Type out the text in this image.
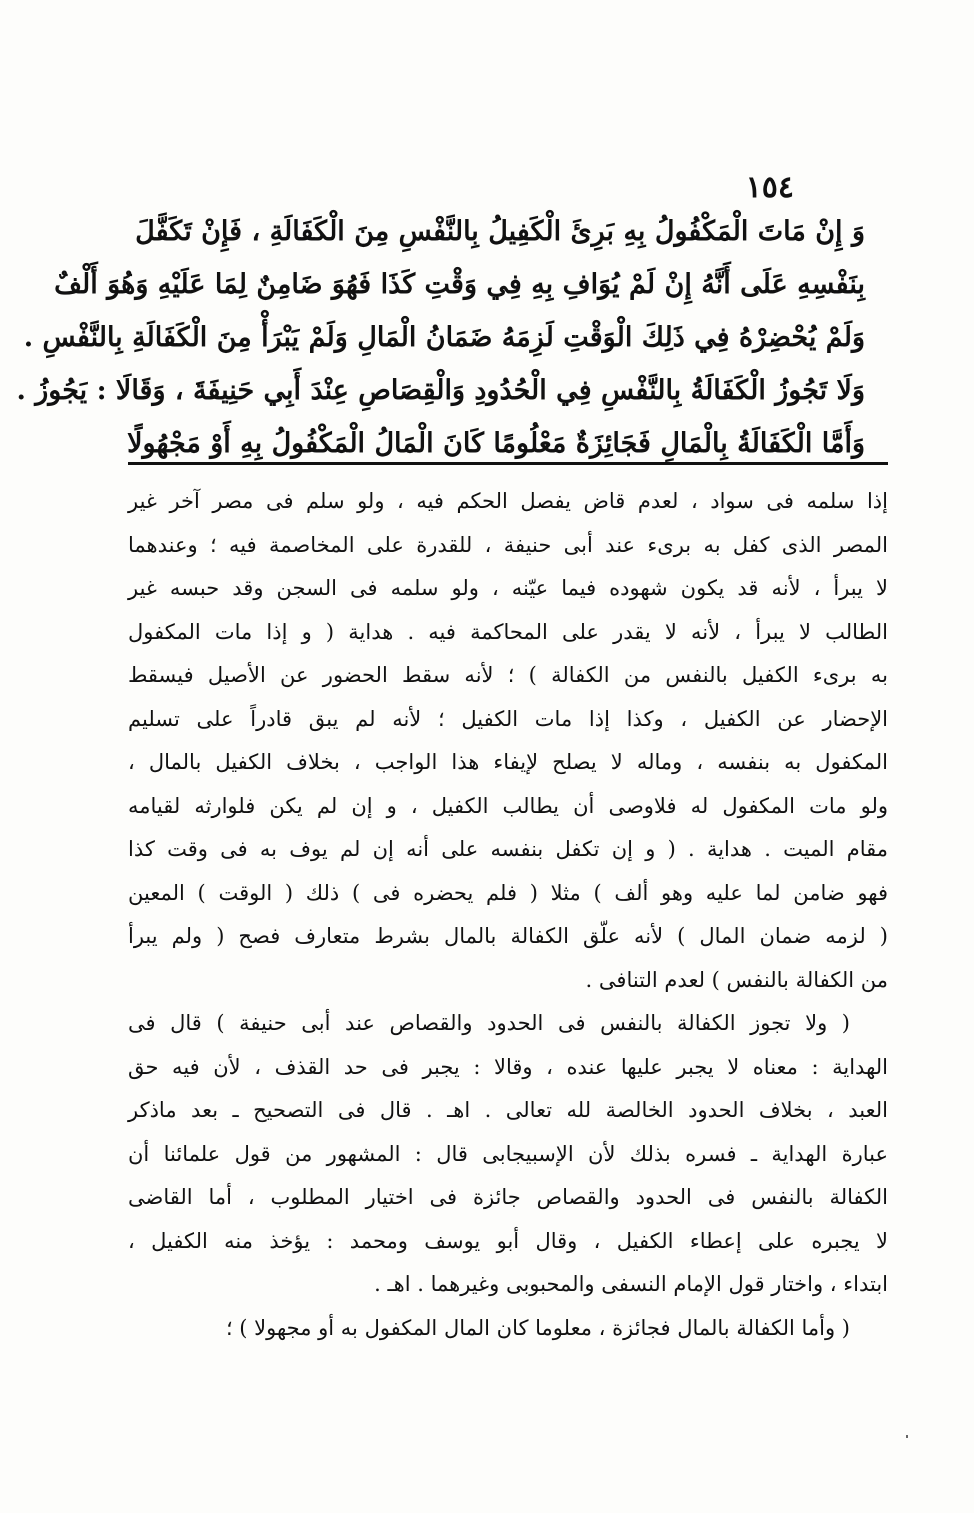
١٥٤

وَ إِنْ مَاتَ الْمَكْفُولُ بِهِ بَرِئَ الْكَفِيلُ بِالنَّفْسِ مِنَ الْكَفَالَةِ ، فَإِنْ تَكَفَّلَ

بِنَفْسِهِ عَلَى أَنَّهُ إِنْ لَمْ يُوَافِ بِهِ فِي وَقْتِ كَذَا فَهُوَ ضَامِنٌ لِمَا عَلَيْهِ وَهُوَ أَلْفٌ

وَلَمْ يُحْضِرْهُ فِي ذَلِكَ الْوَقْتِ لَزِمَهُ ضَمَانُ الْمَالِ وَلَمْ يَبْرَأْ مِنَ الْكَفَالَةِ بِالنَّفْسِ .

وَلَا تَجُوزُ الْكَفَالَةُ بِالنَّفْسِ فِي الْحُدُودِ وَالْقِصَاصِ عِنْدَ أَبِي حَنِيفَةَ ، وَقَالَا : يَجُوزُ .

وَأَمَّا الْكَفَالَةُ بِالْمَالِ فَجَائِزَةٌ مَعْلُومًا كَانَ الْمَالُ الْمَكْفُولُ بِهِ أَوْ مَجْهُولًا

إذا سلمه فى سواد ، لعدم قاض يفصل الحكم فيه ، ولو سلم فى مصر آخر غير

المصر الذى كفل به برىء عند أبى حنيفة ، للقدرة على المخاصمة فيه ؛ وعندهما

لا يبرأ ، لأنه قد يكون شهوده فيما عيّنه ، ولو سلمه فى السجن وقد حبسه غير

الطالب لا يبرأ ، لأنه لا يقدر على المحاكمة فيه . هداية ( و إذا مات المكفول

به برىء الكفيل بالنفس من الكفالة ) ؛ لأنه سقط الحضور عن الأصيل فيسقط

الإحضار عن الكفيل ، وكذا إذا مات الكفيل ؛ لأنه لم يبق قادراً على تسليم

المكفول به بنفسه ، وماله لا يصلح لإيفاء هذا الواجب ، بخلاف الكفيل بالمال ،

ولو مات المكفول له فلاوصى أن يطالب الكفيل ، و إن لم يكن فلوارثه لقيامه

مقام الميت . هداية . ( و إن تكفل بنفسه على أنه إن لم يوف به فى وقت كذا

فهو ضامن لما عليه وهو ألف ) مثلا ( فلم يحضره فى ) ذلك ( الوقت ) المعين

( لزمه ضمان المال ) لأنه علّق الكفالة بالمال بشرط متعارف فصح ( ولم يبرأ

من الكفالة بالنفس ) لعدم التنافى .

( ولا تجوز الكفالة بالنفس فى الحدود والقصاص عند أبى حنيفة ) قال فى

الهداية : معناه لا يجبر عليها عنده ، وقالا : يجبر فى حد القذف ، لأن فيه حق

العبد ، بخلاف الحدود الخالصة لله تعالى . اهـ . قال فى التصحيح ـ بعد ماذكر

عبارة الهداية ـ فسره بذلك لأن الإسبيجابى قال : المشهور من قول علمائنا أن

الكفالة بالنفس فى الحدود والقصاص جائزة فى اختيار المطلوب ، أما القاضى

لا يجبره على إعطاء الكفيل ، وقال أبو يوسف ومحمد : يؤخذ منه الكفيل ،

ابتداء ، واختار قول الإمام النسفى والمحبوبى وغيرهما . اهـ .

( وأما الكفالة بالمال فجائزة ، معلوما كان المال المكفول به أو مجهولا ) ؛
